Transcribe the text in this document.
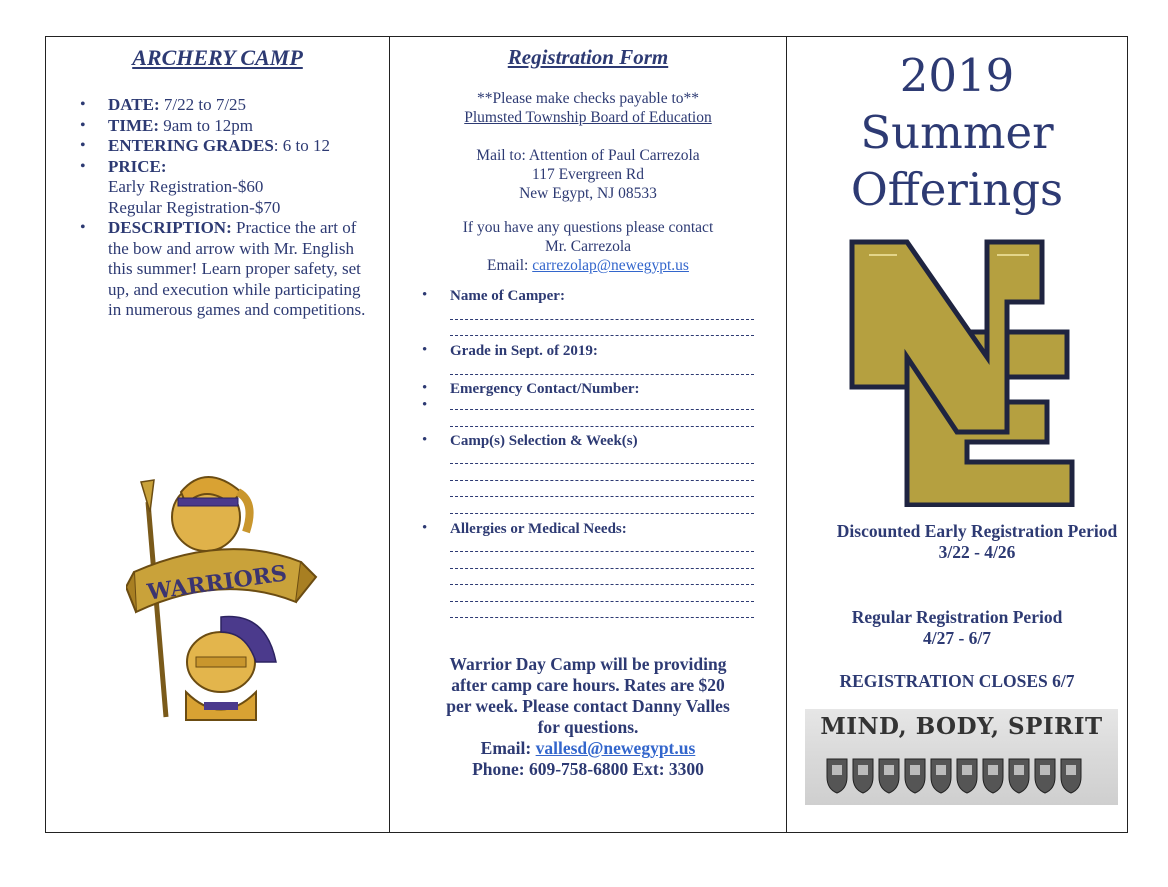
ARCHERY CAMP
• DATE: 7/22 to 7/25
• TIME: 9am to 12pm
• ENTERING GRADES: 6 to 12
• PRICE:
Early Registration-$60
Regular Registration-$70
• DESCRIPTION: Practice the art of the bow and arrow with Mr. English this summer! Learn proper safety, set up, and execution while participating in numerous games and competitions.
WARRIORS
Registration Form
**Please make checks payable to**
Plumsted Township Board of Education
Mail to: Attention of Paul Carrezola
117 Evergreen Rd
New Egypt, NJ 08533
If you have any questions please contact
Mr. Carrezola
Email: carrezolap@newegypt.us
• Name of Camper:
• Grade in Sept. of 2019:
• Emergency Contact/Number:
•
• Camp(s) Selection & Week(s)
• Allergies or Medical Needs:
Warrior Day Camp will be providing after camp care hours. Rates are $20 per week. Please contact Danny Valles for questions.
Email: vallesd@newegypt.us
Phone: 609-758-6800 Ext: 3300
2019
Summer
Offerings
Discounted Early Registration Period
3/22 - 4/26
Regular Registration Period
4/27 - 6/7
REGISTRATION CLOSES 6/7
MIND, BODY, SPIRIT
